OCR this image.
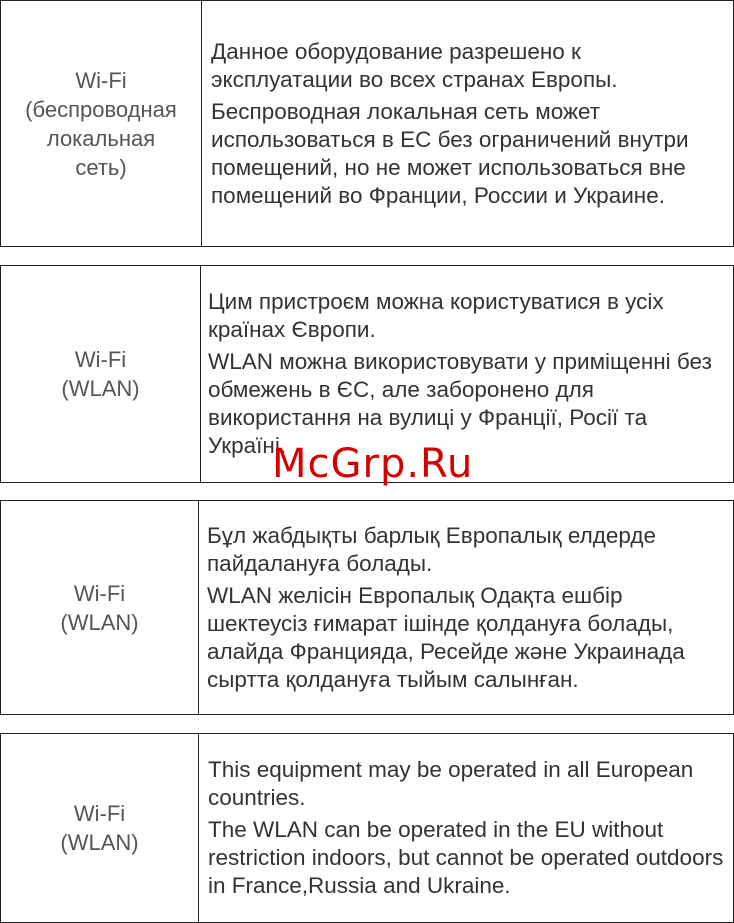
Wi-Fi
(беспроводная
локальная
сеть)

Данное оборудование разрешено к эксплуатации во всех странах Европы.

Беспроводная локальная сеть может использоваться в ЕС без ограничений внутри помещений, но не может использоваться вне помещений во Франции, России и Украине.

Wi-Fi
(WLAN)

Цим пристроєм можна користуватися в усіх країнах Європи.

WLAN можна використовувати у приміщенні без обмежень в ЄС, але заборонено для використання на вулиці у Франції, Росії та Україні.

Wi-Fi
(WLAN)

Бұл жабдықты барлық Европалық елдерде пайдалануға болады.

WLAN желісін Европалық Одақта ешбір шектеусіз ғимарат ішінде қолдануға болады, алайда Францияда, Ресейде және Украинада сыртта қолдануға тыйым салынған.

Wi-Fi
(WLAN)

This equipment may be operated in all European countries.

The WLAN can be operated in the EU without restriction indoors, but cannot be operated outdoors in France,Russia and Ukraine.

McGrp.Ru
